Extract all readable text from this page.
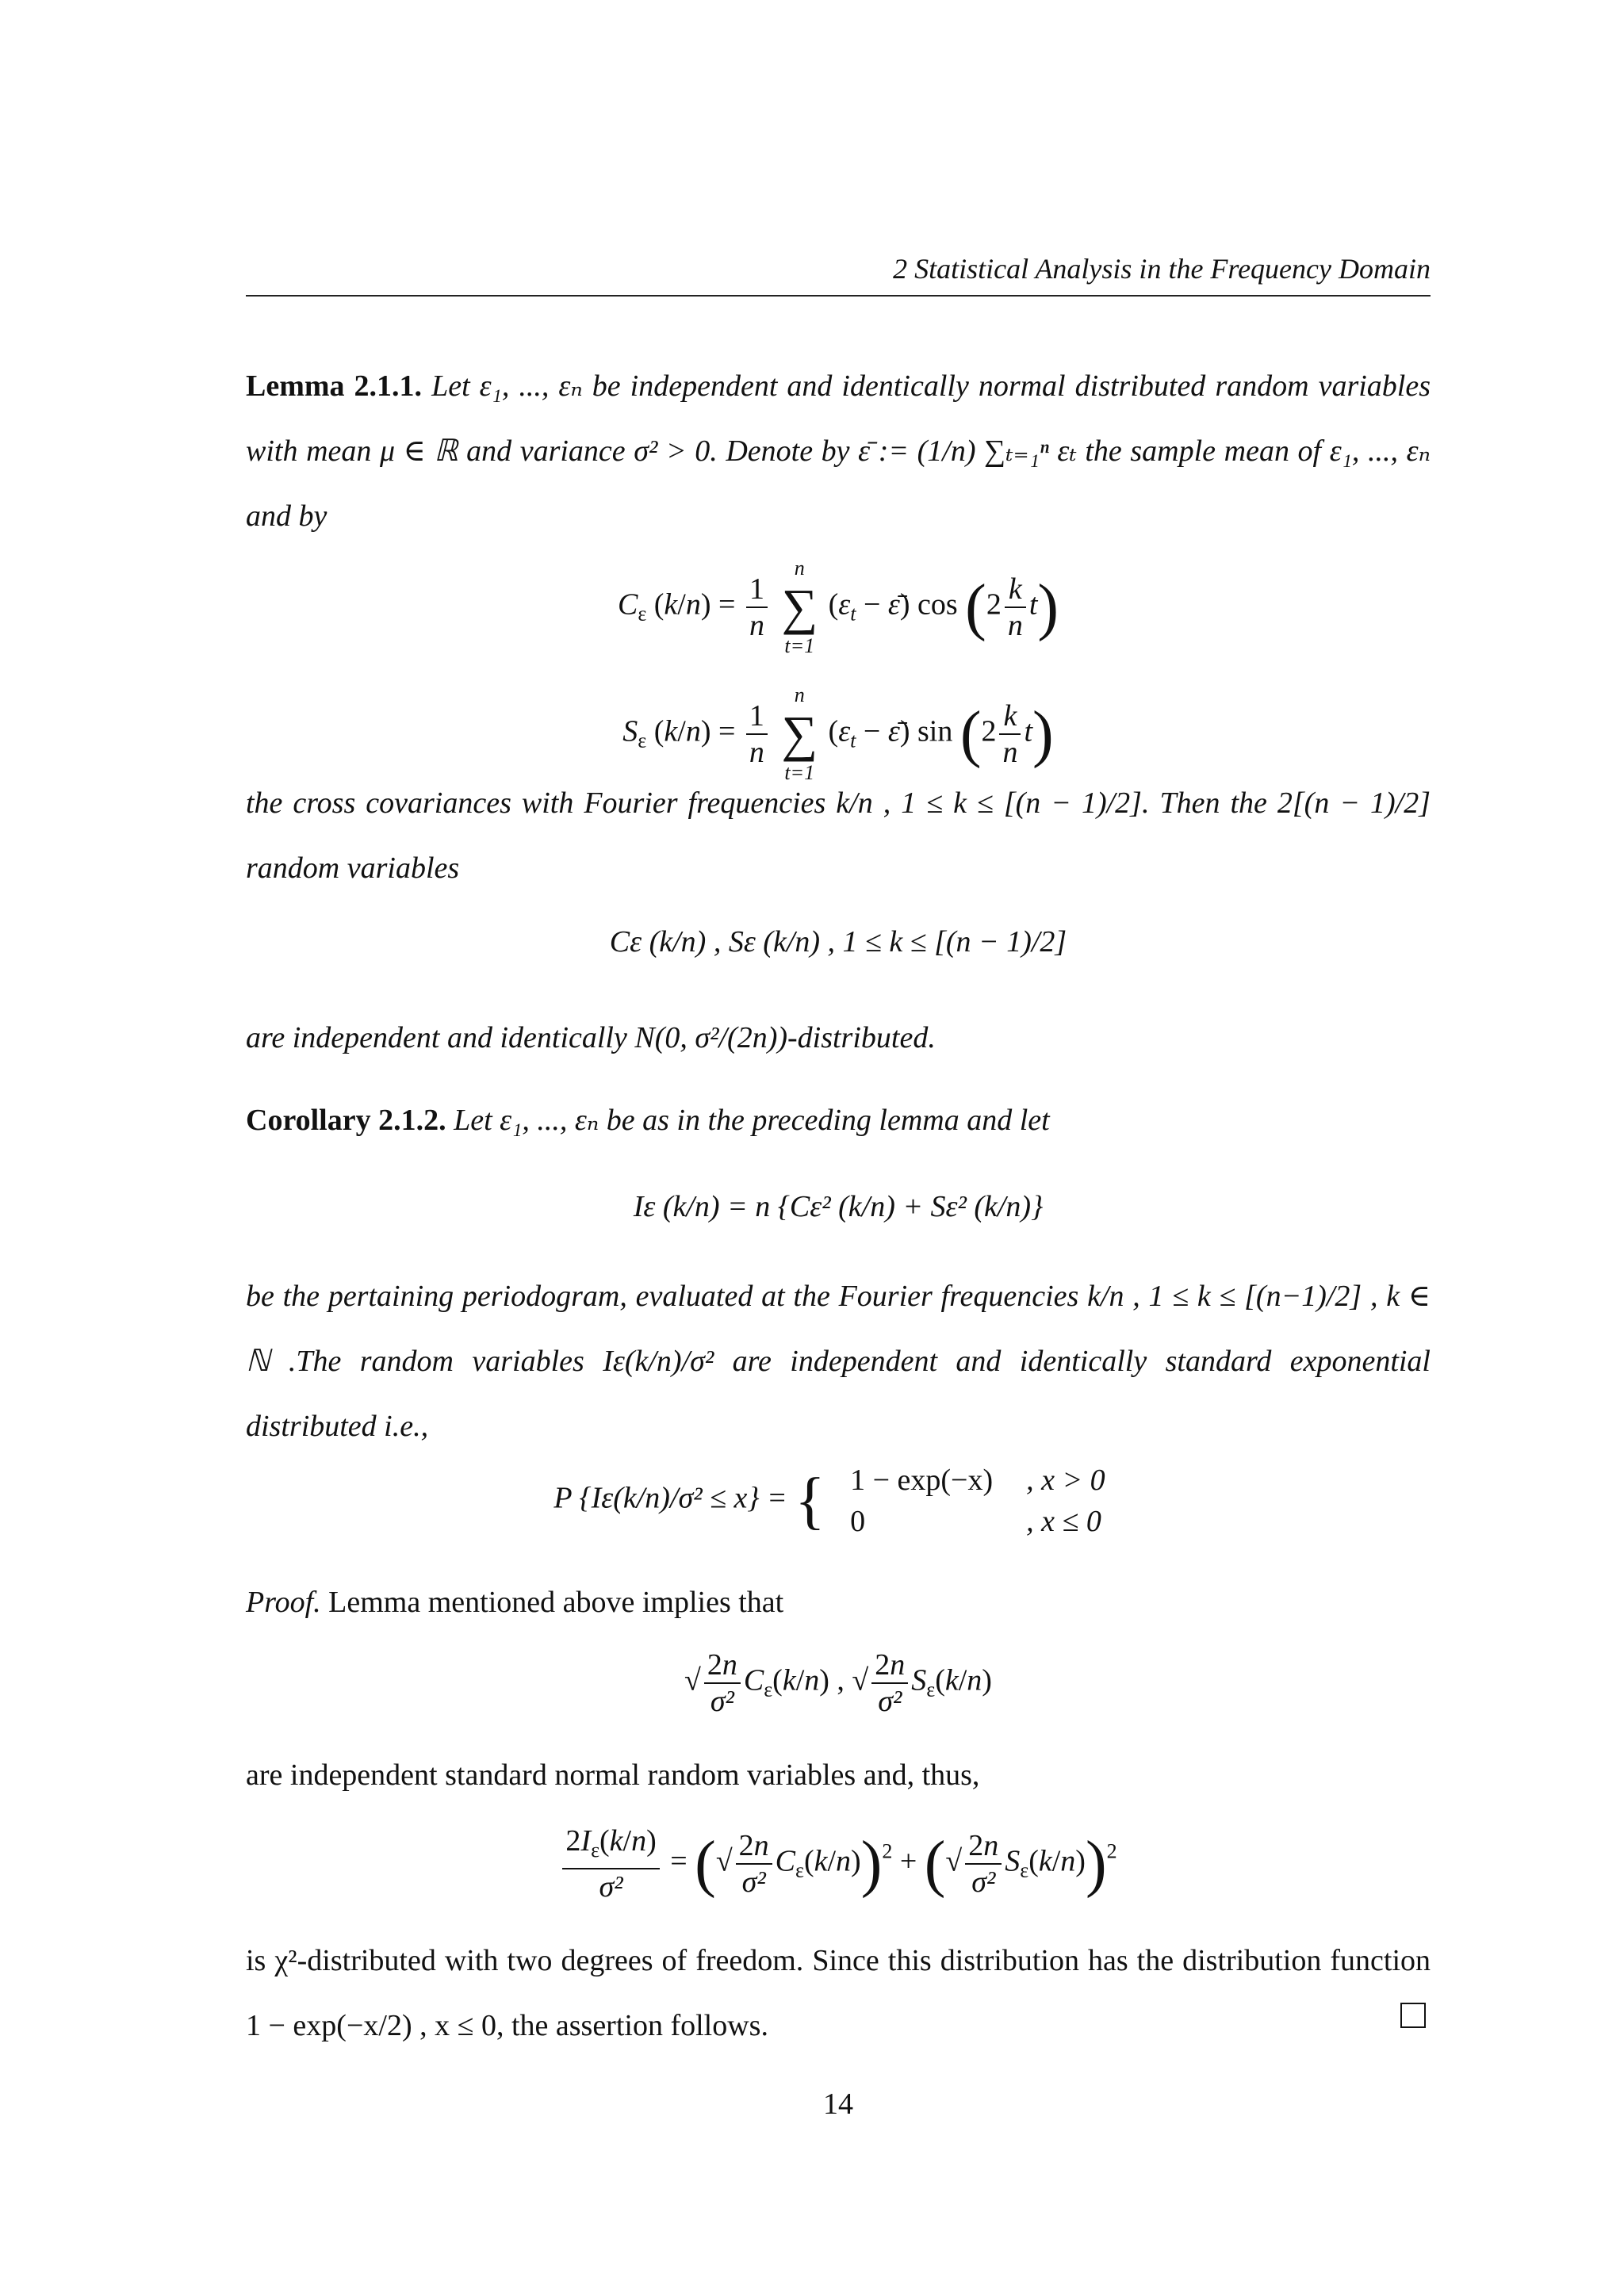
2 Statistical Analysis in the Frequency Domain
Lemma 2.1.1. Let ε₁, ..., εₙ be independent and identically normal distributed random variables with mean μ ∈ ℝ and variance σ² > 0. Denote by ε̄ := (1/n) ∑ₜ₌₁ⁿ εₜ the sample mean of ε₁, ..., εₙ and by
$C_\varepsilon$ $(k/n) = \frac{1}{n}$

n
∑
t=1
($\varepsilon_t$ − ε̄) $\cos (2 \frac{k}{n} t)$
$S_\varepsilon$ $(k/n) = \frac{1}{n}$

n
∑
t=1
($\varepsilon_t$ − ε̄) $\sin (2 \frac{k}{n} t)$
the cross covariances with Fourier frequencies k/n , 1 ≤ k ≤ [(n − 1)/2]. Then the 2[(n − 1)/2] random variables
Cε (k/n) , Sε (k/n) , 1 ≤ k ≤ [(n − 1)/2]
are independent and identically N(0, σ²/(2n))-distributed.
Corollary 2.1.2. Let ε₁, ..., εₙ be as in the preceding lemma and let
Iε (k/n) = n {Cε² (k/n) + Sε² (k/n)}
be the pertaining periodogram, evaluated at the Fourier frequencies k/n , 1 ≤ k ≤ [(n−1)/2] , k ∈ ℕ .The random variables Iε(k/n)/σ² are independent and identically standard exponential distributed i.e.,
P {Iε(k/n)/σ² ≤ x} = { 1 − exp(−x)	, x > 0
0	, x ≤ 0
Proof. Lemma mentioned above implies that
√ $\frac{2n}{\text{σ²}} C_\varepsilon(k/n)$ , √ $\frac{2n}{\text{σ²}} S_\varepsilon(k/n)$
are independent standard normal random variables and, thus,
$\frac{2I_\varepsilon(k/n)}{\text{σ²}}$ = (√ $\frac{2n}{\text{σ²}} C_\varepsilon(k/n))^2$ + (√ $\frac{2n}{\text{σ²}} S_\varepsilon(k/n))^2$
is χ²-distributed with two degrees of freedom. Since this distribution has the distribution function 1 − exp(−x/2) , x ≤ 0, the assertion follows.
14
